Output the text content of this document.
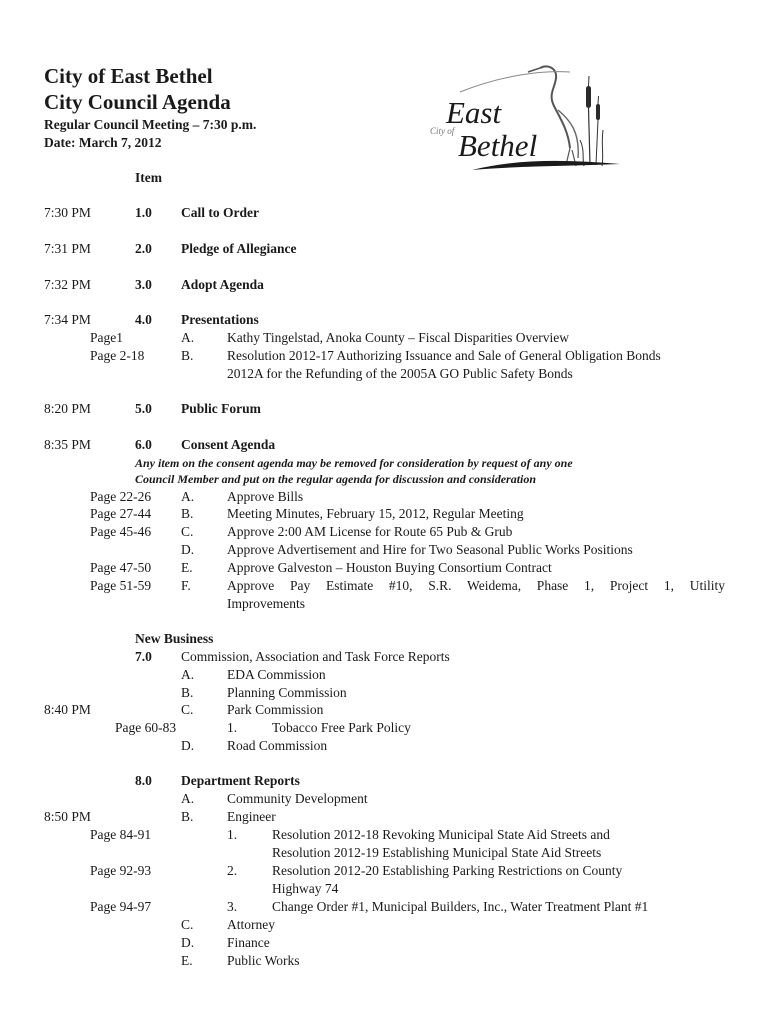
City of East Bethel
City Council Agenda
Regular Council Meeting – 7:30 p.m.
Date: March 7, 2012
City of
East
Bethel
Item
7:30 PM	1.0 Call to Order
7:31 PM	2.0 Pledge of Allegiance
7:32 PM	3.0 Adopt Agenda
7:34 PM	4.0 Presentations
Page1	A. Kathy Tingelstad, Anoka County – Fiscal Disparities Overview
Page 2-18	B. Resolution 2012-17 Authorizing Issuance and Sale of General Obligation Bonds
2012A for the Refunding of the 2005A GO Public Safety Bonds
8:20 PM	5.0 Public Forum
8:35 PM	6.0 Consent Agenda
Any item on the consent agenda may be removed for consideration by request of any one
Council Member and put on the regular agenda for discussion and consideration
Page 22-26 A. Approve Bills
Page 27-44 B. Meeting Minutes, February 15, 2012, Regular Meeting
Page 45-46 C. Approve 2:00 AM License for Route 65 Pub & Grub
D. Approve Advertisement and Hire for Two Seasonal Public Works Positions
Page 47-50 E.	Approve Galveston – Houston Buying Consortium Contract
Page 51-59 F.	Approve Pay Estimate #10, S.R. Weidema, Phase 1, Project 1, Utility
Improvements
New Business
7.0 Commission, Association and Task Force Reports
A. EDA Commission
B. Planning Commission
8:40 PM	C. Park Commission
Page 60-83	1.	Tobacco Free Park Policy
D. Road Commission
8.0 Department Reports
A. Community Development
8:50 PM	B. Engineer
Page 84-91	1.	Resolution 2012-18 Revoking Municipal State Aid Streets and
Resolution 2012-19 Establishing Municipal State Aid Streets
Page 92-93	2.	Resolution 2012-20 Establishing Parking Restrictions on County
Highway 74
Page 94-97	3.	Change Order #1, Municipal Builders, Inc., Water Treatment Plant #1
C. Attorney
D. Finance
E.	Public Works
